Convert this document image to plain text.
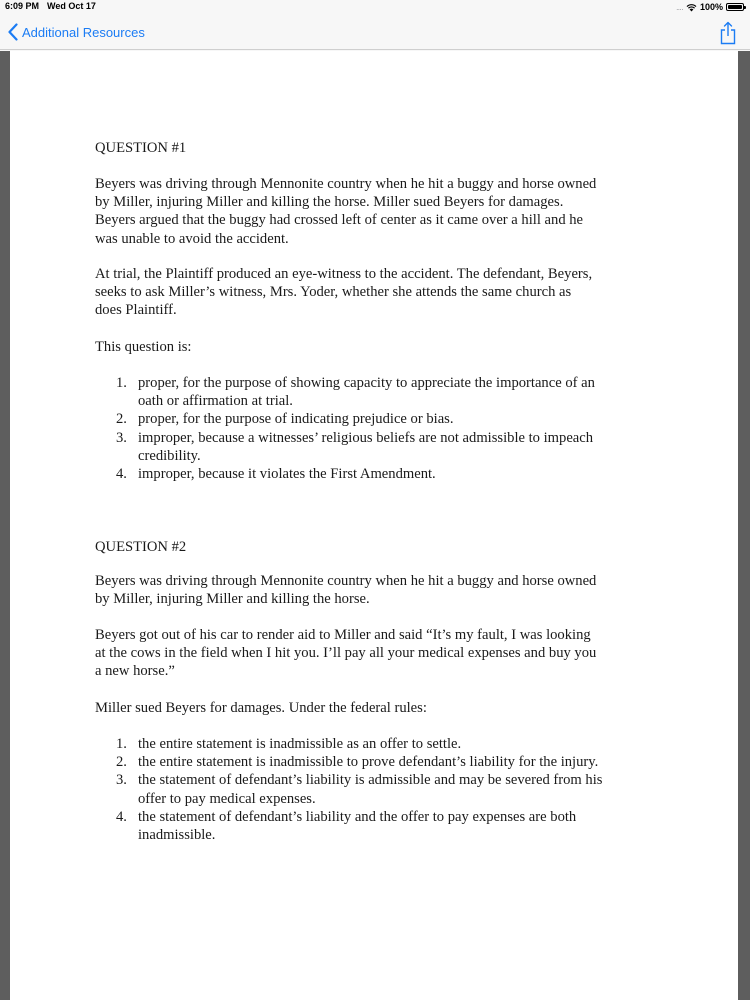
6:09 PM Wed Oct 17	.... 100%
Additional Resources
QUESTION #1
Beyers was driving through Mennonite country when he hit a buggy and horse owned
by Miller, injuring Miller and killing the horse. Miller sued Beyers for damages.
Beyers argued that the buggy had crossed left of center as it came over a hill and he
was unable to avoid the accident.
At trial, the Plaintiff produced an eye-witness to the accident. The defendant, Beyers,
seeks to ask Miller’s witness, Mrs. Yoder, whether she attends the same church as
does Plaintiff.
This question is:
1. proper, for the purpose of showing capacity to appreciate the importance of an
oath or affirmation at trial.
2. proper, for the purpose of indicating prejudice or bias.
3. improper, because a witnesses’ religious beliefs are not admissible to impeach
credibility.
4. improper, because it violates the First Amendment.
QUESTION #2
Beyers was driving through Mennonite country when he hit a buggy and horse owned
by Miller, injuring Miller and killing the horse.
Beyers got out of his car to render aid to Miller and said “It’s my fault, I was looking
at the cows in the field when I hit you. I’ll pay all your medical expenses and buy you
a new horse.”
Miller sued Beyers for damages. Under the federal rules:
1. the entire statement is inadmissible as an offer to settle.
2. the entire statement is inadmissible to prove defendant’s liability for the injury.
3. the statement of defendant’s liability is admissible and may be severed from his
offer to pay medical expenses.
4. the statement of defendant’s liability and the offer to pay expenses are both
inadmissible.
